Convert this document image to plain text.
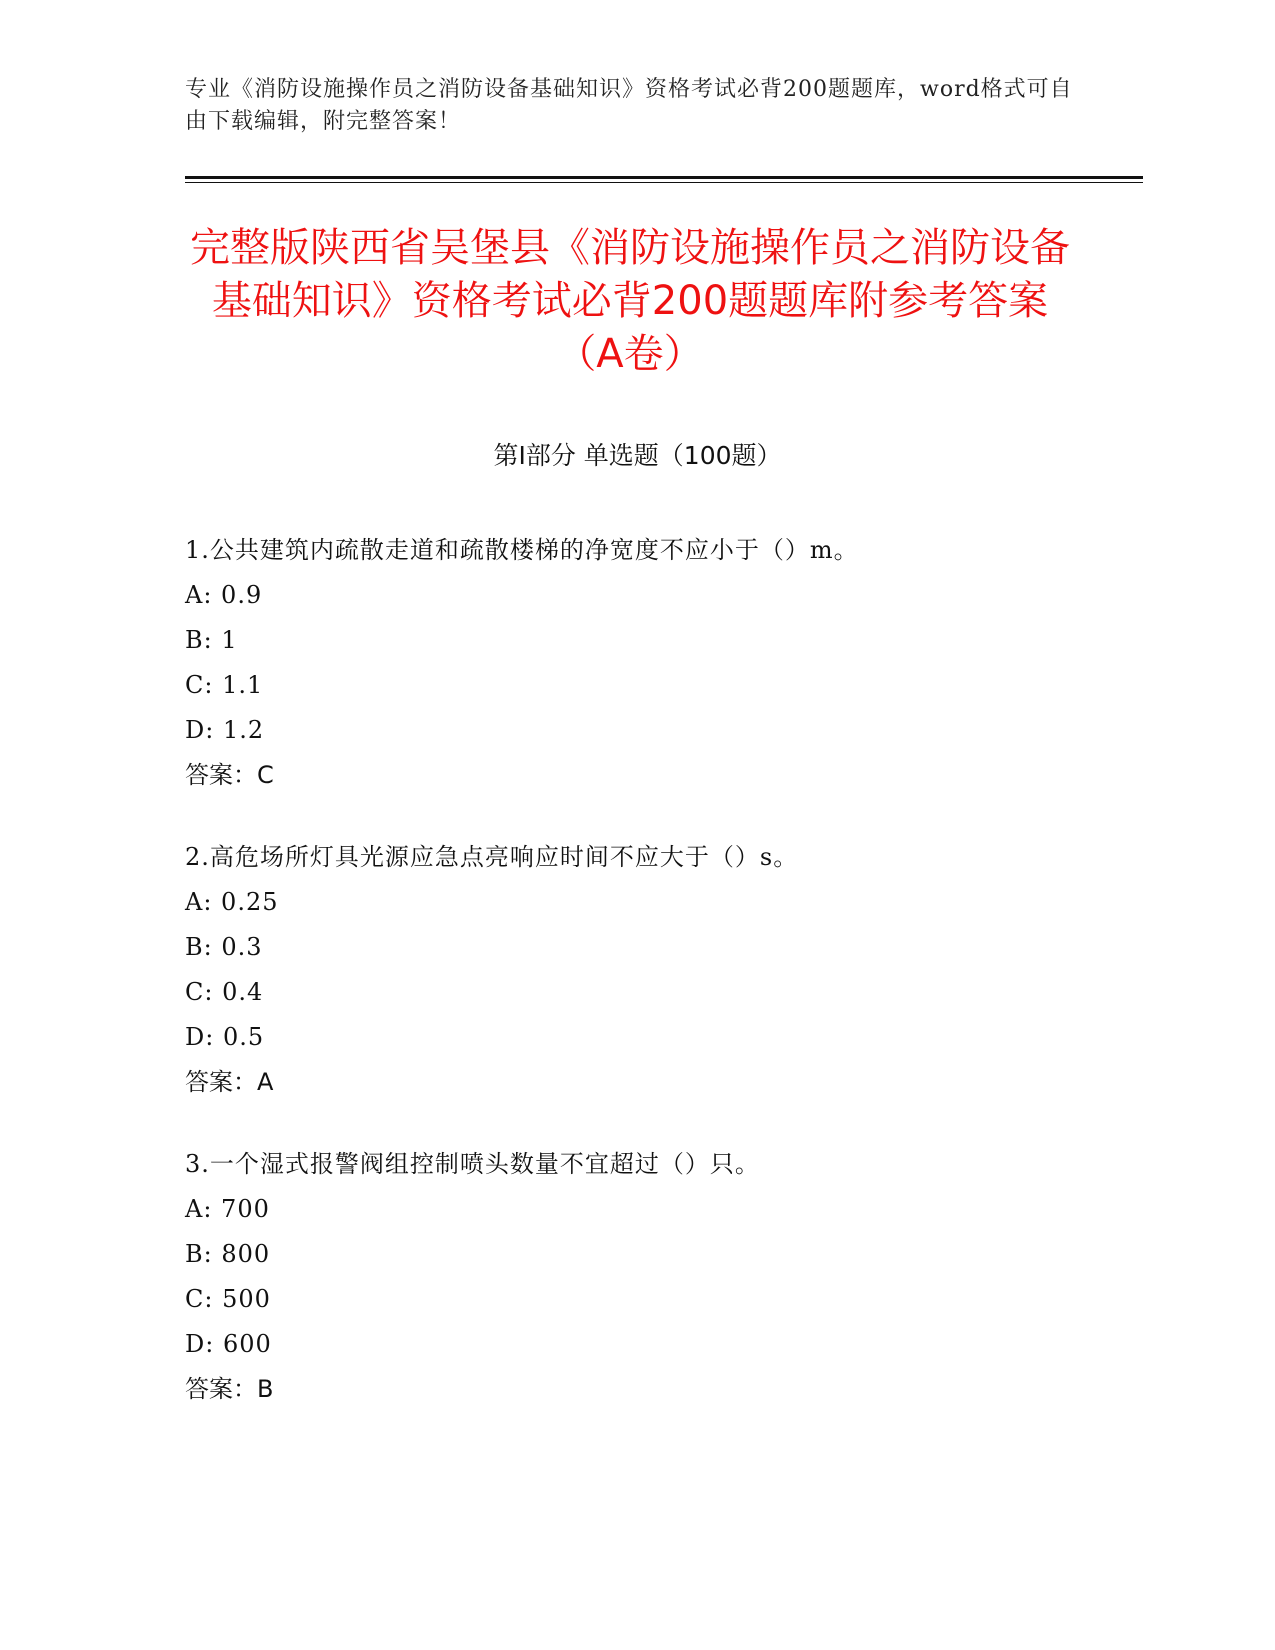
专业《消防设施操作员之消防设备基础知识》资格考试必背200题题库，word格式可自由下载编辑，附完整答案！
完整版陕西省吴堡县《消防设施操作员之消防设备基础知识》资格考试必背200题题库附参考答案（A卷）
第Ⅰ部分 单选题（100题）
1.公共建筑内疏散走道和疏散楼梯的净宽度不应小于（）m。
A: 0.9
B: 1
C: 1.1
D: 1.2
答案：C
2.高危场所灯具光源应急点亮响应时间不应大于（）s。
A: 0.25
B: 0.3
C: 0.4
D: 0.5
答案：A
3.一个湿式报警阀组控制喷头数量不宜超过（）只。
A: 700
B: 800
C: 500
D: 600
答案：B
